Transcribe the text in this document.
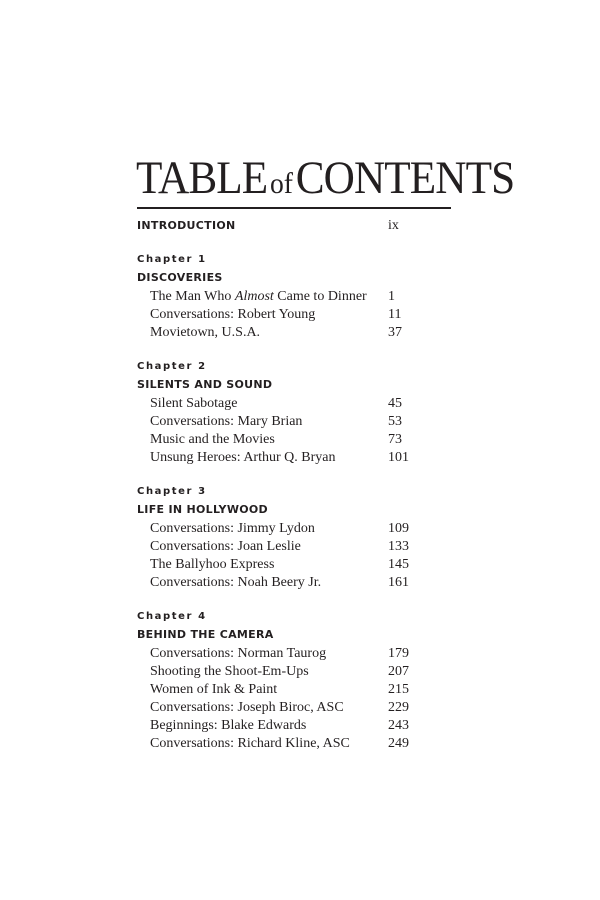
TABLEofCONTENTS
INTRODUCTION	ix
Chapter 1
DISCOVERIES
The Man Who Almost Came to Dinner	1
Conversations: Robert Young	11
Movietown, U.S.A.	37
Chapter 2
SILENTS AND SOUND
Silent Sabotage	45
Conversations: Mary Brian	53
Music and the Movies	73
Unsung Heroes: Arthur Q. Bryan	101
Chapter 3
LIFE IN HOLLYWOOD
Conversations: Jimmy Lydon	109
Conversations: Joan Leslie	133
The Ballyhoo Express	145
Conversations: Noah Beery Jr.	161
Chapter 4
BEHIND THE CAMERA
Conversations: Norman Taurog	179
Shooting the Shoot-Em-Ups	207
Women of Ink & Paint	215
Conversations: Joseph Biroc, ASC	229
Beginnings: Blake Edwards	243
Conversations: Richard Kline, ASC	249
